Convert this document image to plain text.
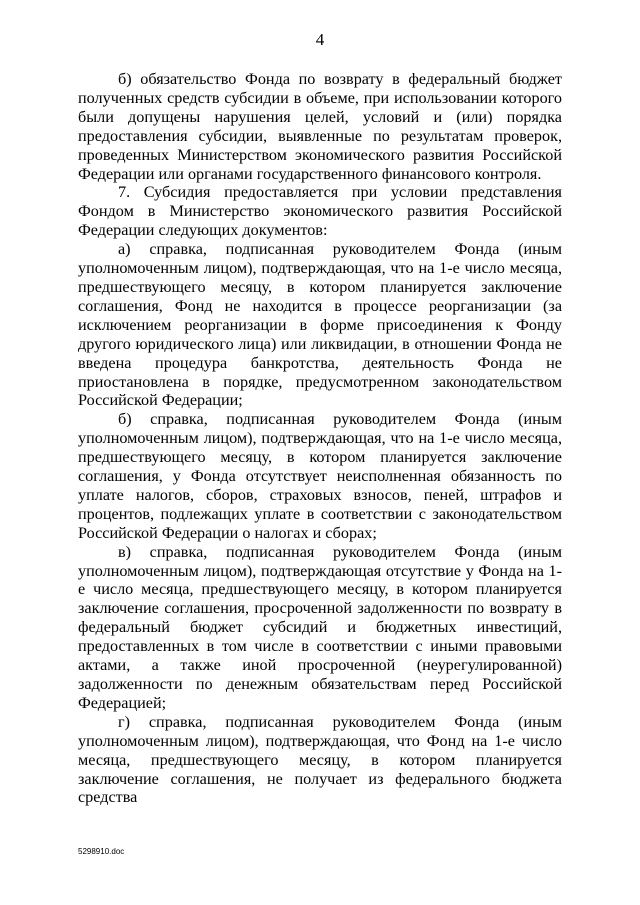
4

б) обязательство Фонда по возврату в федеральный бюджет полученных средств субсидии в объеме, при использовании которого были допущены нарушения целей, условий и (или) порядка предоставления субсидии, выявленные по результатам проверок, проведенных Министерством экономического развития Российской Федерации или органами государственного финансового контроля.

7. Субсидия предоставляется при условии представления Фондом в Министерство экономического развития Российской Федерации следующих документов:

а) справка, подписанная руководителем Фонда (иным уполномоченным лицом), подтверждающая, что на 1-е число месяца, предшествующего месяцу, в котором планируется заключение соглашения, Фонд не находится в процессе реорганизации (за исключением реорганизации в форме присоединения к Фонду другого юридического лица) или ликвидации, в отношении Фонда не введена процедура банкротства, деятельность Фонда не приостановлена в порядке, предусмотренном законодательством Российской Федерации;

б) справка, подписанная руководителем Фонда (иным уполномоченным лицом), подтверждающая, что на 1-е число месяца, предшествующего месяцу, в котором планируется заключение соглашения, у Фонда отсутствует неисполненная обязанность по уплате налогов, сборов, страховых взносов, пеней, штрафов и процентов, подлежащих уплате в соответствии с законодательством Российской Федерации о налогах и сборах;

в) справка, подписанная руководителем Фонда (иным уполномоченным лицом), подтверждающая отсутствие у Фонда на 1-е число месяца, предшествующего месяцу, в котором планируется заключение соглашения, просроченной задолженности по возврату в федеральный бюджет субсидий и бюджетных инвестиций, предоставленных в том числе в соответствии с иными правовыми актами, а также иной просроченной (неурегулированной) задолженности по денежным обязательствам перед Российской Федерацией;

г) справка, подписанная руководителем Фонда (иным уполномоченным лицом), подтверждающая, что Фонд на 1-е число месяца, предшествующего месяцу, в котором планируется заключение соглашения, не получает из федерального бюджета средства

5298910.doc
